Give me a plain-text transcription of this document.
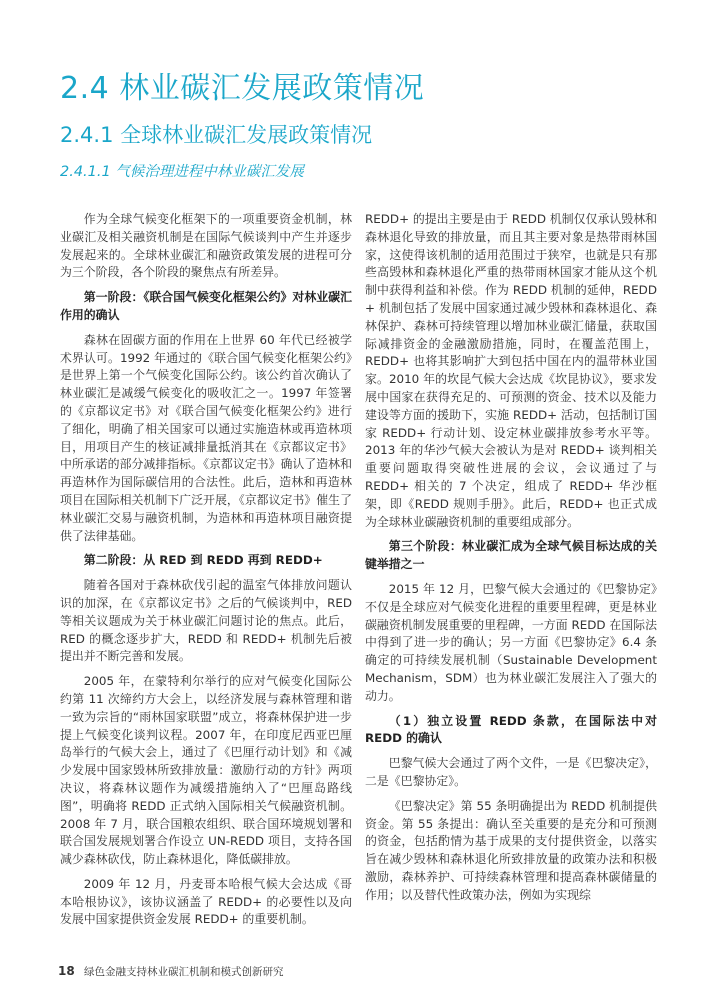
2.4 林业碳汇发展政策情况
2.4.1 全球林业碳汇发展政策情况
2.4.1.1 气候治理进程中林业碳汇发展

作为全球气候变化框架下的一项重要资金机制，林业碳汇及相关融资机制是在国际气候谈判中产生并逐步发展起来的。全球林业碳汇和融资政策发展的进程可分为三个阶段，各个阶段的聚焦点有所差异。

第一阶段：《联合国气候变化框架公约》对林业碳汇作用的确认

森林在固碳方面的作用在上世界 60 年代已经被学术界认可。1992 年通过的《联合国气候变化框架公约》是世界上第一个气候变化国际公约。该公约首次确认了林业碳汇是减缓气候变化的吸收汇之一。1997 年签署的《京都议定书》对《联合国气候变化框架公约》进行了细化，明确了相关国家可以通过实施造林或再造林项目，用项目产生的核证减排量抵消其在《京都议定书》中所承诺的部分减排指标。《京都议定书》确认了造林和再造林作为国际碳信用的合法性。此后，造林和再造林项目在国际相关机制下广泛开展，《京都议定书》催生了林业碳汇交易与融资机制，为造林和再造林项目融资提供了法律基础。

第二阶段：从 RED 到 REDD 再到 REDD+

随着各国对于森林砍伐引起的温室气体排放问题认识的加深，在《京都议定书》之后的气候谈判中，RED 等相关议题成为关于林业碳汇问题讨论的焦点。此后，RED 的概念逐步扩大，REDD 和 REDD+ 机制先后被提出并不断完善和发展。

2005 年，在蒙特利尔举行的应对气候变化国际公约第 11 次缔约方大会上，以经济发展与森林管理和谐一致为宗旨的“雨林国家联盟”成立，将森林保护进一步提上气候变化谈判议程。2007 年，在印度尼西亚巴厘岛举行的气候大会上，通过了《巴厘行动计划》和《减少发展中国家毁林所致排放量：激励行动的方针》两项决议，将森林议题作为减缓措施纳入了“巴厘岛路线图”，明确将 REDD 正式纳入国际相关气候融资机制。2008 年 7 月，联合国粮农组织、联合国环境规划署和联合国发展规划署合作设立 UN-REDD 项目，支持各国减少森林砍伐，防止森林退化，降低碳排放。

2009 年 12 月，丹麦哥本哈根气候大会达成《哥本哈根协议》，该协议涵盖了 REDD+ 的必要性以及向发展中国家提供资金发展 REDD+ 的重要机制。

REDD+ 的提出主要是由于 REDD 机制仅仅承认毁林和森林退化导致的排放量，而且其主要对象是热带雨林国家，这使得该机制的适用范围过于狭窄，也就是只有那些高毁林和森林退化严重的热带雨林国家才能从这个机制中获得利益和补偿。作为 REDD 机制的延伸，REDD + 机制包括了发展中国家通过减少毁林和森林退化、森林保护、森林可持续管理以增加林业碳汇储量，获取国际减排资金的金融激励措施，同时，在覆盖范围上，REDD+ 也将其影响扩大到包括中国在内的温带林业国家。2010 年的坎昆气候大会达成《坎昆协议》，要求发展中国家在获得充足的、可预测的资金、技术以及能力建设等方面的援助下，实施 REDD+ 活动，包括制订国家 REDD+ 行动计划、设定林业碳排放参考水平等。2013 年的华沙气候大会被认为是对 REDD+ 谈判相关重要问题取得突破性进展的会议，会议通过了与 REDD+ 相关的 7 个决定，组成了 REDD+ 华沙框架，即《REDD 规则手册》。此后，REDD+ 也正式成为全球林业碳融资机制的重要组成部分。

第三个阶段：林业碳汇成为全球气候目标达成的关键举措之一

2015 年 12 月，巴黎气候大会通过的《巴黎协定》不仅是全球应对气候变化进程的重要里程碑，更是林业碳融资机制发展重要的里程碑，一方面 REDD 在国际法中得到了进一步的确认；另一方面《巴黎协定》6.4 条确定的可持续发展机制（Sustainable Development Mechanism，SDM）也为林业碳汇发展注入了强大的动力。

（1）独立设置 REDD 条款，在国际法中对 REDD 的确认

巴黎气候大会通过了两个文件，一是《巴黎决定》，二是《巴黎协定》。

《巴黎决定》第 55 条明确提出为 REDD 机制提供资金。第 55 条提出：确认至关重要的是充分和可预测的资金，包括酌情为基于成果的支付提供资金，以落实旨在减少毁林和森林退化所致排放量的政策办法和积极激励，森林养护、可持续森林管理和提高森林碳储量的作用；以及替代性政策办法，例如为实现综

18 绿色金融支持林业碳汇机制和模式创新研究
